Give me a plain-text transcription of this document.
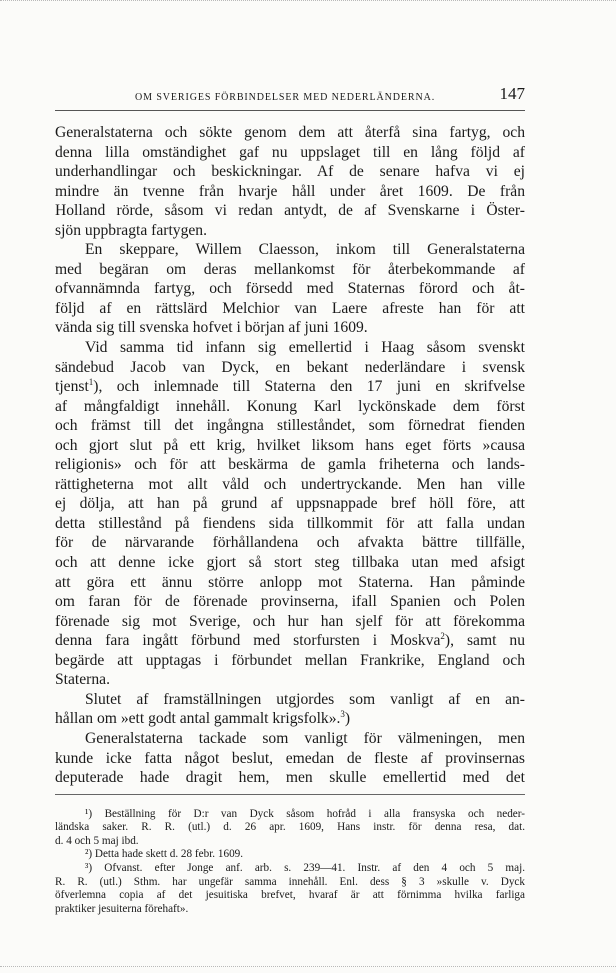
OM SVERIGES FÖRBINDELSER MED NEDERLÄNDERNA.	147
Generalstaterna och sökte genom dem att återfå sina fartyg, och
denna lilla omständighet gaf nu uppslaget till en lång följd af
underhandlingar och beskickningar. Af de senare hafva vi ej
mindre än tvenne från hvarje håll under året 1609. De från
Holland rörde, såsom vi redan antydt, de af Svenskarne i Öster-
sjön uppbragta fartygen.
En skeppare, Willem Claesson, inkom till Generalstaterna
med begäran om deras mellankomst för återbekommande af
ofvannämnda fartyg, och försedd med Staternas förord och åt-
följd af en rättslärd Melchior van Laere afreste han för att
vända sig till svenska hofvet i början af juni 1609.
Vid samma tid infann sig emellertid i Haag såsom svenskt
sändebud Jacob van Dyck, en bekant nederländare i svensk
tjenst$^1$), och inlemnade till Staterna den 17 juni en skrifvelse
af mångfaldigt innehåll. Konung Karl lyckönskade dem först
och främst till det ingångna stilleståndet, som förnedrat fienden
och gjort slut på ett krig, hvilket liksom hans eget förts »causa
religionis» och för att beskärma de gamla friheterna och lands-
rättigheterna mot allt våld och undertryckande. Men han ville
ej dölja, att han på grund af uppsnappade bref höll före, att
detta stillestånd på fiendens sida tillkommit för att falla undan
för de närvarande förhållandena och afvakta bättre tillfälle,
och att denne icke gjort så stort steg tillbaka utan med afsigt
att göra ett ännu större anlopp mot Staterna. Han påminde
om faran för de förenade provinserna, ifall Spanien och Polen
förenade sig mot Sverige, och hur han sjelf för att förekomma
denna fara ingått förbund med storfursten i Moskva$^2$), samt nu
begärde att upptagas i förbundet mellan Frankrike, England och
Staterna.
Slutet af framställningen utgjordes som vanligt af en an-
hållan om »ett godt antal gammalt krigsfolk».$^3$)
Generalstaterna tackade som vanligt för välmeningen, men
kunde icke fatta något beslut, emedan de fleste af provinsernas
deputerade hade dragit hem, men skulle emellertid med det
¹) Beställning för D:r van Dyck såsom hofråd i alla fransyska och neder-
ländska saker. R. R. (utl.) d. 26 apr. 1609, Hans instr. för denna resa, dat.
d. 4 och 5 maj ibd.
²) Detta hade skett d. 28 febr. 1609.
³) Ofvanst. efter Jonge anf. arb. s. 239—41. Instr. af den 4 och 5 maj.
R. R. (utl.) Sthm. har ungefär samma innehåll. Enl. dess § 3 »skulle v. Dyck
öfverlemna copia af det jesuitiska brefvet, hvaraf är att förnimma hvilka farliga
praktiker jesuiterna förehaft».
